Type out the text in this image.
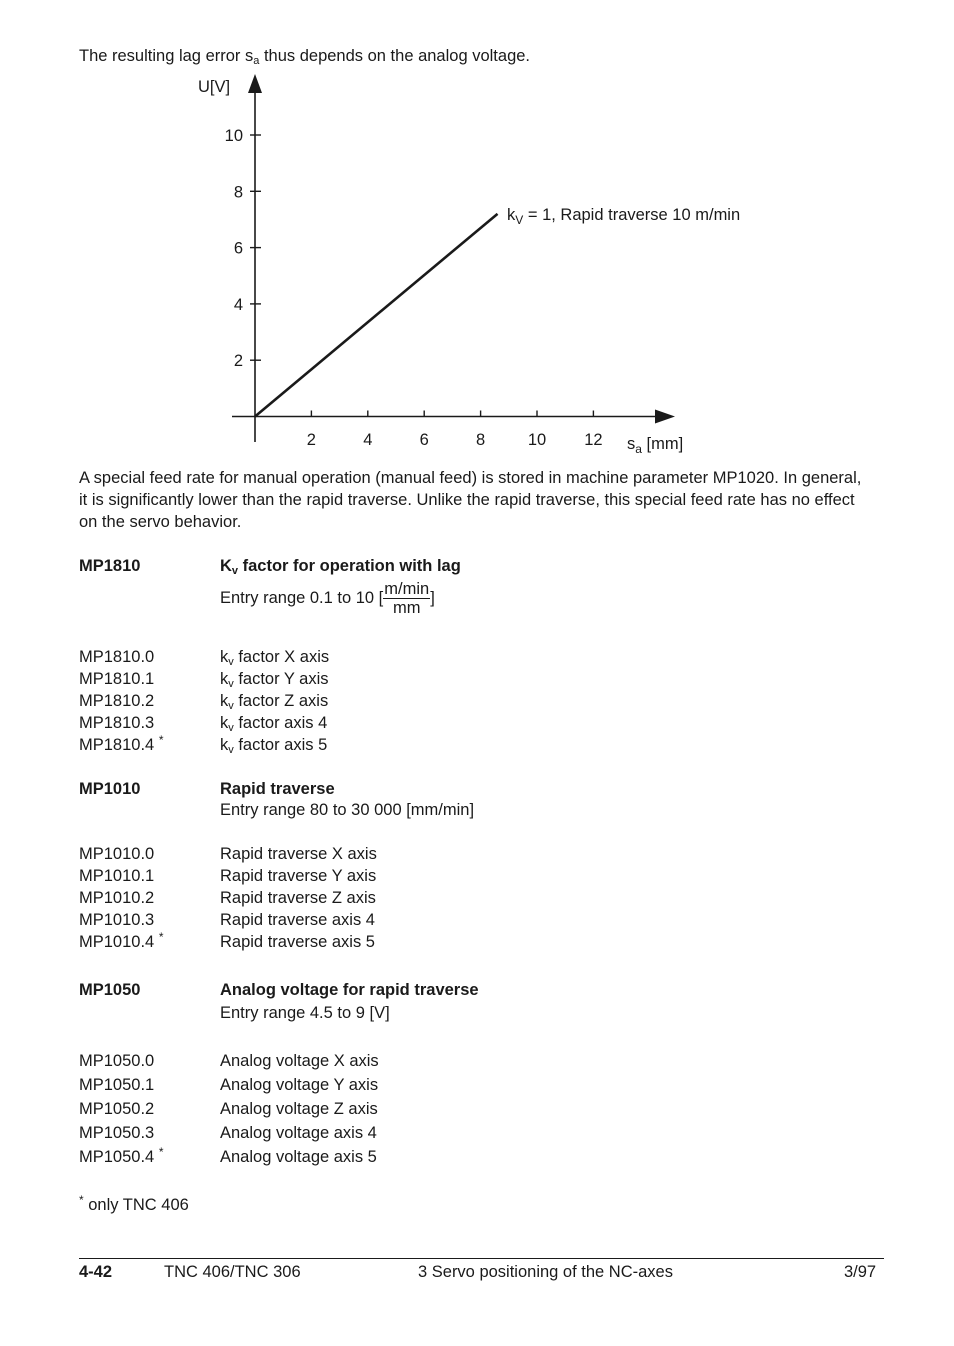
The resulting lag error $s_a$ thus depends on the analog voltage.
2
4
6
8
10
2	4	6	8	10 12
U[V]
$s_a$ [mm]
$k_V = 1$, Rapid traverse 10 m/min
A special feed rate for manual operation (manual feed) is stored in machine parameter MP1020. In general, it is significantly lower than the rapid traverse. Unlike the rapid traverse, this special feed rate has no effect on the servo behavior.
MP1810	$K_v$ factor for operation with lag
Entry range 0.1 to 10 [ $\frac{m/\min}{mm}$ ]
MP1810.0	$k_v$ factor X axis
MP1810.1	$k_v$ factor Y axis
MP1810.2	$k_v$ factor Z axis
MP1810.3	$k_v$ factor axis 4
MP1810.4 *	$k_v$ factor axis 5
MP1010	Rapid traverse
Entry range 80 to 30 000 [mm/min]
MP1010.0	Rapid traverse X axis
MP1010.1	Rapid traverse Y axis
MP1010.2	Rapid traverse Z axis
MP1010.3	Rapid traverse axis 4
MP1010.4 *	Rapid traverse axis 5
MP1050	Analog voltage for rapid traverse
Entry range 4.5 to 9 [V]
MP1050.0	Analog voltage X axis
MP1050.1	Analog voltage Y axis
MP1050.2	Analog voltage Z axis
MP1050.3	Analog voltage axis 4
MP1050.4 *	Analog voltage axis 5
* only TNC 406
4-42	TNC 406/TNC 306	3 Servo positioning of the NC-axes	3/97
